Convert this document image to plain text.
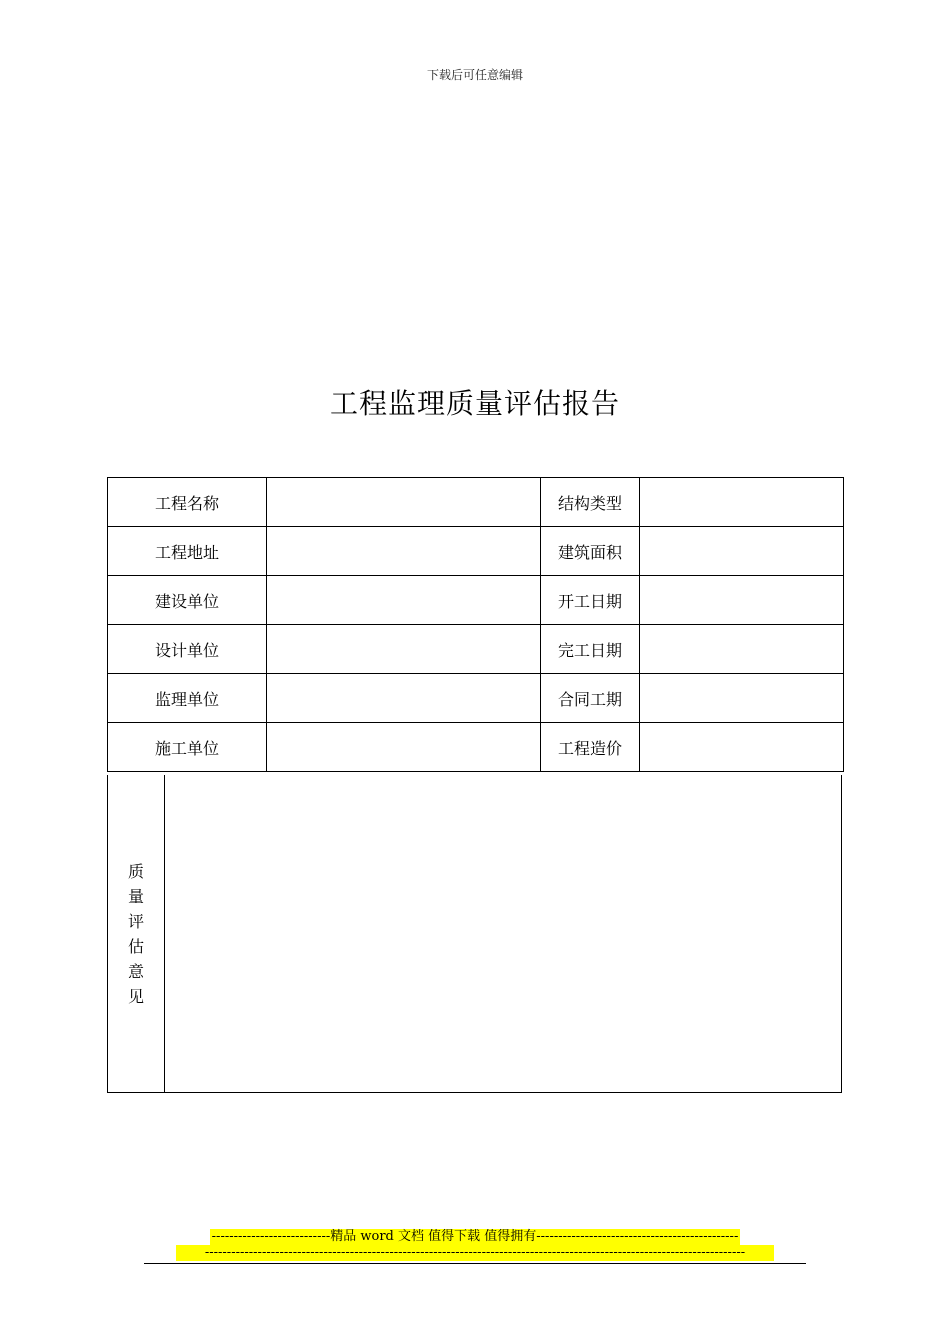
下载后可任意编辑
工程监理质量评估报告
工程名称		结构类型	
工程地址		建筑面积	
建设单位		开工日期	
设计单位		完工日期	
监理单位		合同工期	
施工单位		工程造价	
质量评估意见
---------------------------精品 word 文档 值得下载 值得拥有----------------------------------------------
---------------------------------------------------------------------------------------------------------------------------
